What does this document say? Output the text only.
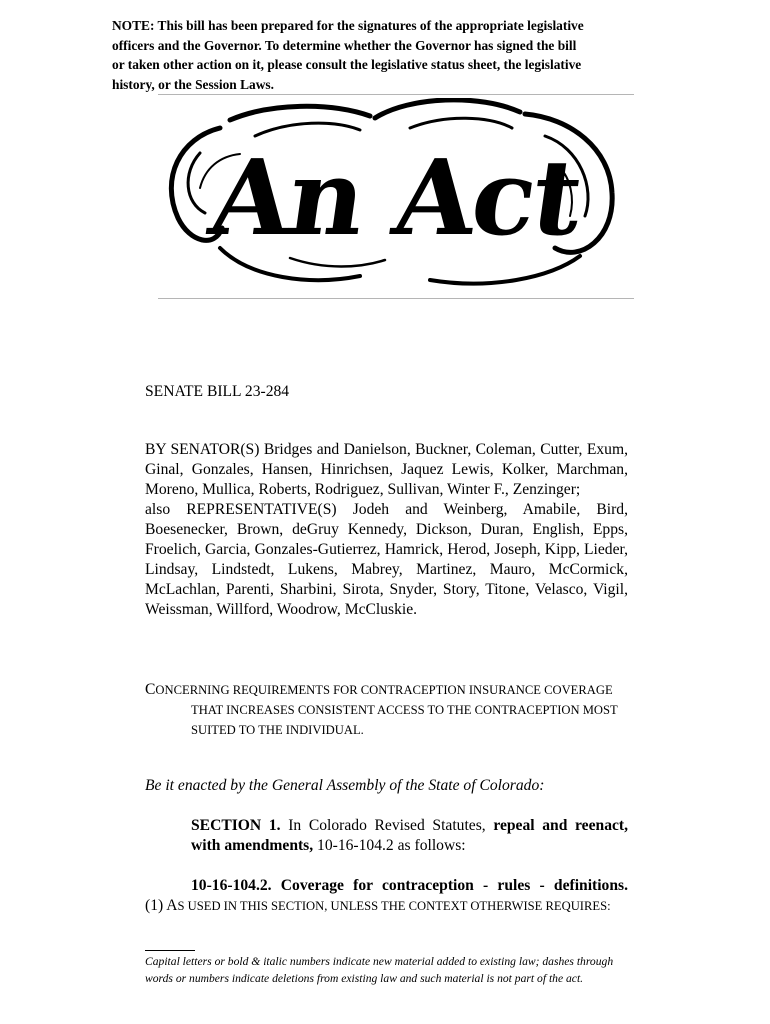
NOTE: This bill has been prepared for the signatures of the appropriate legislative
officers and the Governor. To determine whether the Governor has signed the bill
or taken other action on it, please consult the legislative status sheet, the legislative
history, or the Session Laws.
An Act
SENATE BILL 23-284

BY SENATOR(S) Bridges and Danielson, Buckner, Coleman, Cutter, Exum, Ginal, Gonzales, Hansen, Hinrichsen, Jaquez Lewis, Kolker, Marchman, Moreno, Mullica, Roberts, Rodriguez, Sullivan, Winter F., Zenzinger;

also REPRESENTATIVE(S) Jodeh and Weinberg, Amabile, Bird, Boesenecker, Brown, deGruy Kennedy, Dickson, Duran, English, Epps, Froelich, Garcia, Gonzales-Gutierrez, Hamrick, Herod, Joseph, Kipp, Lieder, Lindsay, Lindstedt, Lukens, Mabrey, Martinez, Mauro, McCormick, McLachlan, Parenti, Sharbini, Sirota, Snyder, Story, Titone, Velasco, Vigil, Weissman, Willford, Woodrow, McCluskie.

CONCERNING REQUIREMENTS FOR CONTRACEPTION INSURANCE COVERAGE
THAT INCREASES CONSISTENT ACCESS TO THE CONTRACEPTION MOST
SUITED TO THE INDIVIDUAL.
Be it enacted by the General Assembly of the State of Colorado:
SECTION 1. In Colorado Revised Statutes, repeal and reenact, with amendments, 10-16-104.2 as follows:
10-16-104.2. Coverage for contraception - rules - definitions.
(1) AS USED IN THIS SECTION, UNLESS THE CONTEXT OTHERWISE REQUIRES:
Capital letters or bold & italic numbers indicate new material added to existing law; dashes through words or numbers indicate deletions from existing law and such material is not part of the act.
